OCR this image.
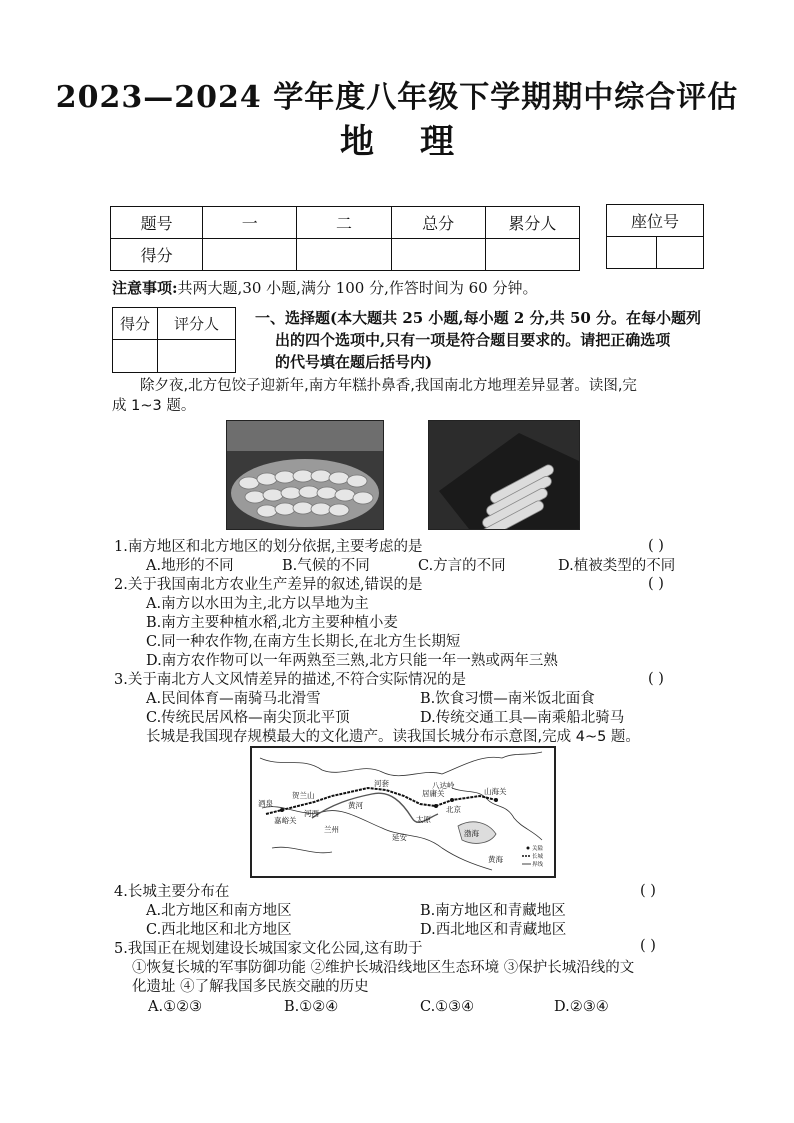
2023—2024 学年度八年级下学期期中综合评估
地理
题号	一	二	总分	累分人
得分				
座位号

注意事项:共两大题,30 小题,满分 100 分,作答时间为 60 分钟。
得分	评分人
	一、选择题(本大题共 25 小题,每小题 2 分,共 50 分。在每小题列
出的四个选项中,只有一项是符合题目要求的。请把正确选项
的代号填在题后括号内)
除夕夜,北方包饺子迎新年,南方年糕扑鼻香,我国南北方地理差异显著。读图,完
成 1~3 题。
1.南方地区和北方地区的划分依据,主要考虑的是	( )
A.地形的不同	B.气候的不同	C.方言的不同	D.植被类型的不同
2.关于我国南北方农业生产差异的叙述,错误的是	( )
A.南方以水田为主,北方以旱地为主
B.南方主要种植水稻,北方主要种植小麦
C.同一种农作物,在南方生长期长,在北方生长期短
D.南方农作物可以一年两熟至三熟,北方只能一年一熟或两年三熟
3.关于南北方人文风情差异的描述,不符合实际情况的是	( )
A.民间体育—南骑马北滑雪	B.饮食习惯—南米饭北面食
C.传统民居风格—南尖顶北平顶	D.传统交通工具—南乘船北骑马
长城是我国现存规模最大的文化遗产。读我国长城分布示意图,完成 4~5 题。
酒泉
嘉峪关
河西
兰州
河套
延安
太原
居庸关
北京
八达岭
山海关
渤海
黄海
黄河
贺兰山
关隘
长城
界线
4.长城主要分布在	( )
A.北方地区和南方地区	B.南方地区和青藏地区
C.西北地区和北方地区	D.西北地区和青藏地区
5.我国正在规划建设长城国家文化公园,这有助于	( )
①恢复长城的军事防御功能 ②维护长城沿线地区生态环境 ③保护长城沿线的文
化遗址 ④了解我国多民族交融的历史
A.①②③	B.①②④	C.①③④	D.②③④
